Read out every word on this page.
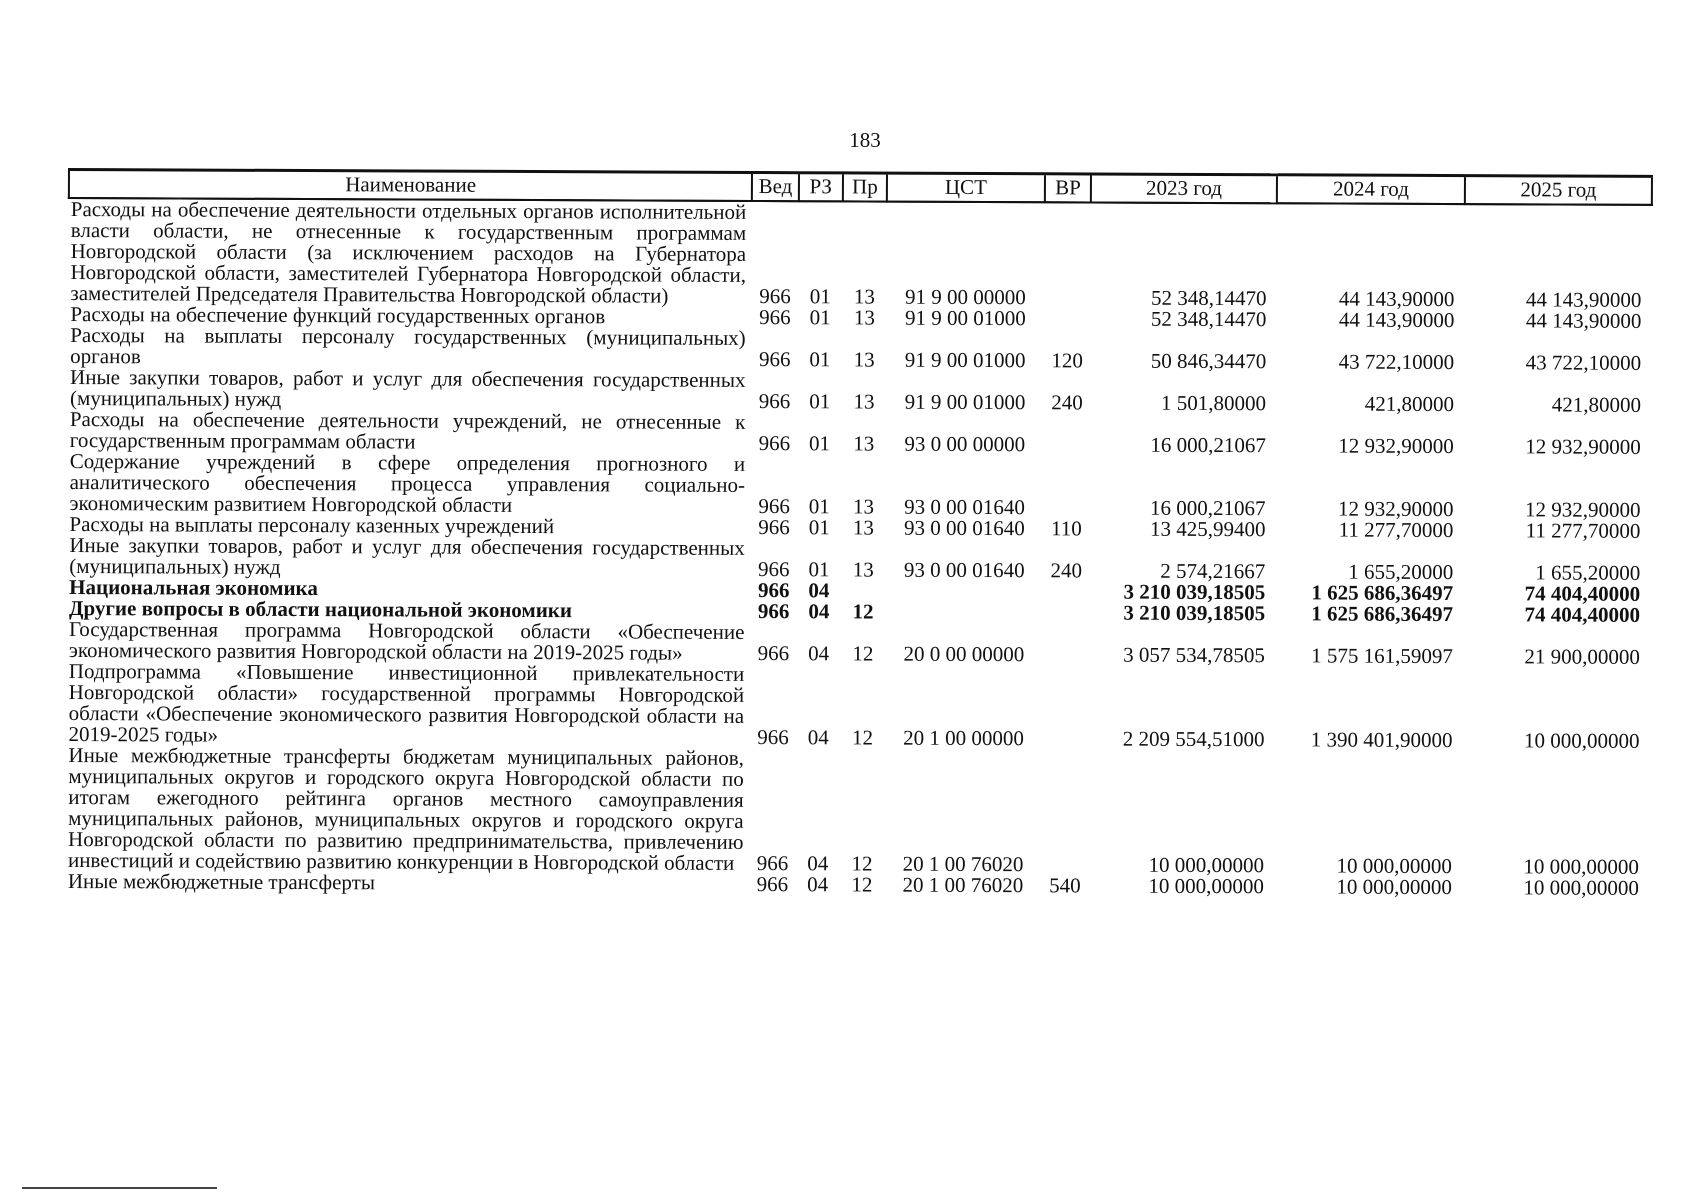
183
Наименование	Вед	РЗ	Пр	ЦСТ	ВР	2023 год	2024 год	2025 год
Расходы на обеспечение деятельности отдельных органов исполнительной власти области, не отнесенные к государственным программам Новгородской области (за исключением расходов на Губернатора Новгородской области, заместителей Губернатора Новгородской области, заместителей Председателя Правительства Новгородской области)	966	01	13	91 9 00 00000		52 348,14470	44 143,90000	44 143,90000
Расходы на обеспечение функций государственных органов	966	01	13	91 9 00 01000		52 348,14470	44 143,90000	44 143,90000
Расходы на выплаты персоналу государственных (муниципальных) органов	966	01	13	91 9 00 01000	120	50 846,34470	43 722,10000	43 722,10000
Иные закупки товаров, работ и услуг для обеспечения государственных (муниципальных) нужд	966	01	13	91 9 00 01000	240	1 501,80000	421,80000	421,80000
Расходы на обеспечение деятельности учреждений, не отнесенные к государственным программам области	966	01	13	93 0 00 00000		16 000,21067	12 932,90000	12 932,90000
Содержание учреждений в сфере определения прогнозного и аналитического обеспечения процесса управления социально-экономическим развитием Новгородской области	966	01	13	93 0 00 01640		16 000,21067	12 932,90000	12 932,90000
Расходы на выплаты персоналу казенных учреждений	966	01	13	93 0 00 01640	110	13 425,99400	11 277,70000	11 277,70000
Иные закупки товаров, работ и услуг для обеспечения государственных (муниципальных) нужд	966	01	13	93 0 00 01640	240	2 574,21667	1 655,20000	1 655,20000
Национальная экономика	966	04				3 210 039,18505	1 625 686,36497	74 404,40000
Другие вопросы в области национальной экономики	966	04	12			3 210 039,18505	1 625 686,36497	74 404,40000
Государственная программа Новгородской области «Обеспечение экономического развития Новгородской области на 2019-2025 годы»	966	04	12	20 0 00 00000		3 057 534,78505	1 575 161,59097	21 900,00000
Подпрограмма «Повышение инвестиционной привлекательности Новгородской области» государственной программы Новгородской области «Обеспечение экономического развития Новгородской области на 2019-2025 годы»	966	04	12	20 1 00 00000		2 209 554,51000	1 390 401,90000	10 000,00000
Иные межбюджетные трансферты бюджетам муниципальных районов, муниципальных округов и городского округа Новгородской области по итогам ежегодного рейтинга органов местного самоуправления муниципальных районов, муниципальных округов и городского округа Новгородской области по развитию предпринимательства, привлечению инвестиций и содействию развитию конкуренции в Новгородской области	966	04	12	20 1 00 76020		10 000,00000	10 000,00000	10 000,00000
Иные межбюджетные трансферты	966	04	12	20 1 00 76020	540	10 000,00000	10 000,00000	10 000,00000
